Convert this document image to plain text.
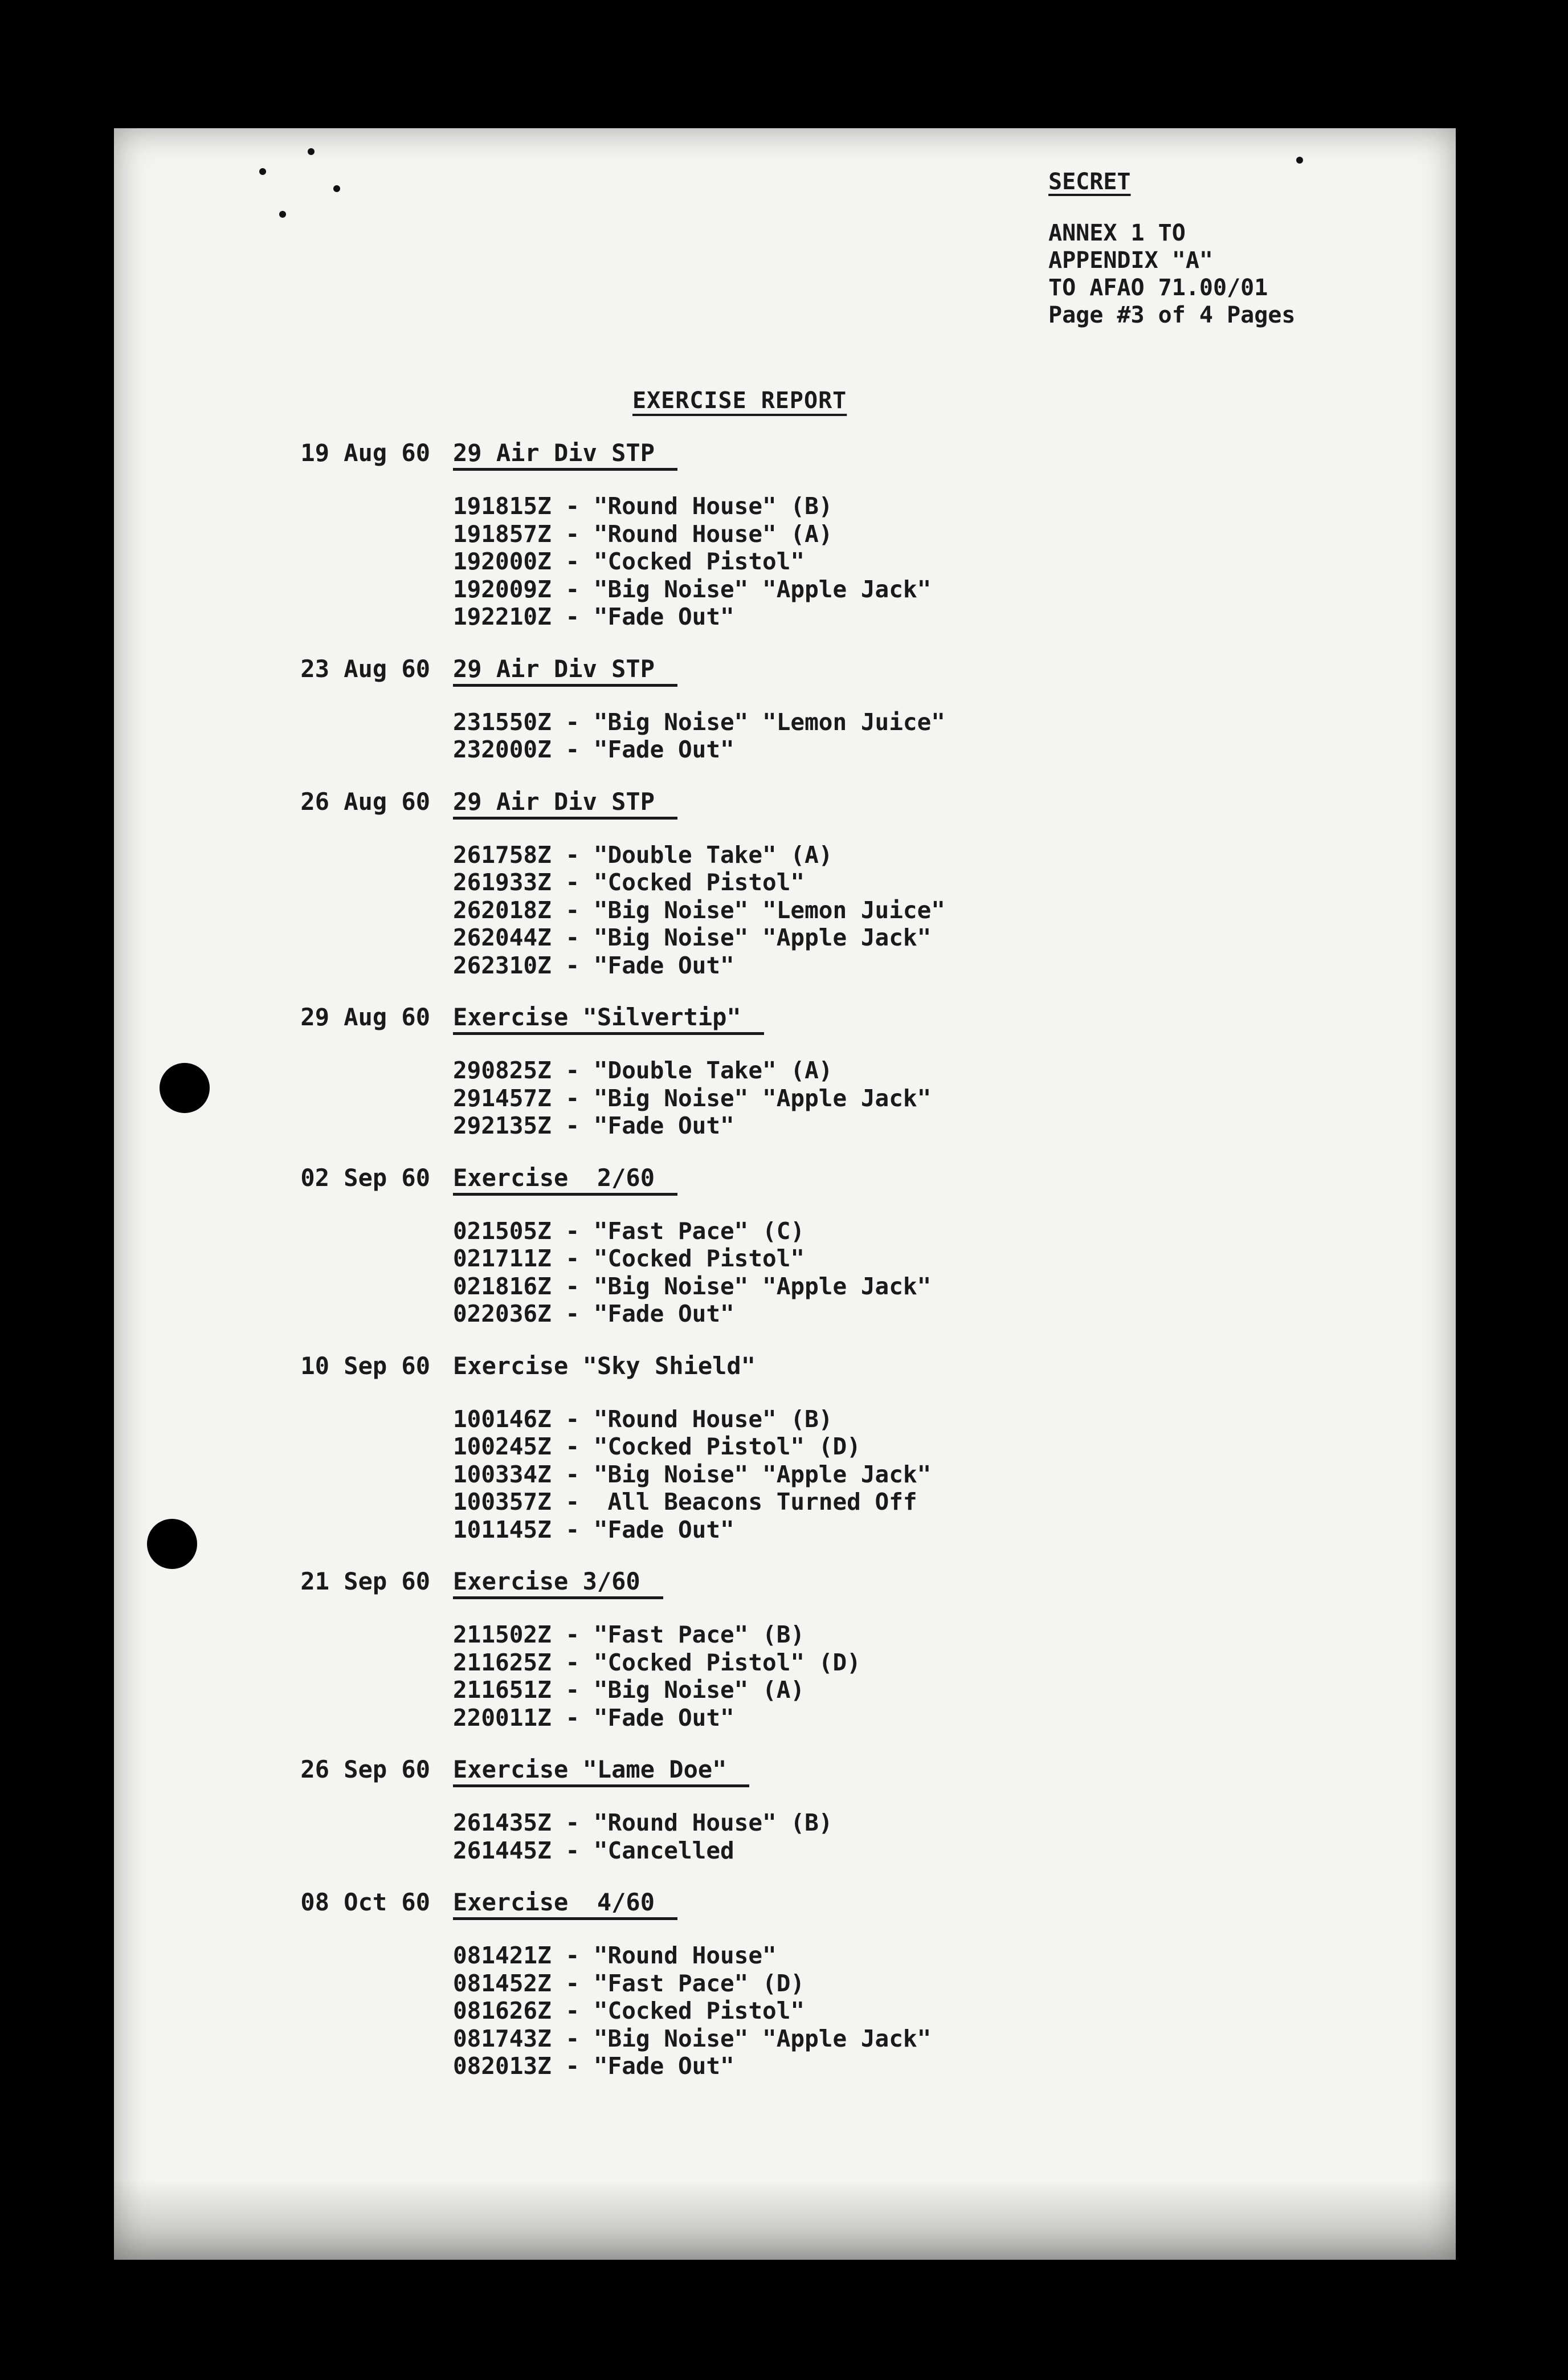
SECRET
ANNEX 1 TO
APPENDIX "A"
TO AFAO 71.00/01
Page #3 of 4 Pages
EXERCISE REPORT
19 Aug 60 29 Air Div STP
191815Z - "Round House" (B)
191857Z - "Round House" (A)
192000Z - "Cocked Pistol"
192009Z - "Big Noise" "Apple Jack"
192210Z - "Fade Out"
23 Aug 60 29 Air Div STP
231550Z - "Big Noise" "Lemon Juice"
232000Z - "Fade Out"
26 Aug 60 29 Air Div STP
261758Z - "Double Take" (A)
261933Z - "Cocked Pistol"
262018Z - "Big Noise" "Lemon Juice"
262044Z - "Big Noise" "Apple Jack"
262310Z - "Fade Out"
29 Aug 60 Exercise "Silvertip"
290825Z - "Double Take" (A)
291457Z - "Big Noise" "Apple Jack"
292135Z - "Fade Out"
02 Sep 60 Exercise  2/60
021505Z - "Fast Pace" (C)
021711Z - "Cocked Pistol"
021816Z - "Big Noise" "Apple Jack"
022036Z - "Fade Out"
10 Sep 60 Exercise "Sky Shield"
100146Z - "Round House" (B)
100245Z - "Cocked Pistol" (D)
100334Z - "Big Noise" "Apple Jack"
100357Z -  All Beacons Turned Off
101145Z - "Fade Out"
21 Sep 60 Exercise 3/60
211502Z - "Fast Pace" (B)
211625Z - "Cocked Pistol" (D)
211651Z - "Big Noise" (A)
220011Z - "Fade Out"
26 Sep 60 Exercise "Lame Doe"
261435Z - "Round House" (B)
261445Z - "Cancelled
08 Oct 60 Exercise  4/60
081421Z - "Round House"
081452Z - "Fast Pace" (D)
081626Z - "Cocked Pistol"
081743Z - "Big Noise" "Apple Jack"
082013Z - "Fade Out"
